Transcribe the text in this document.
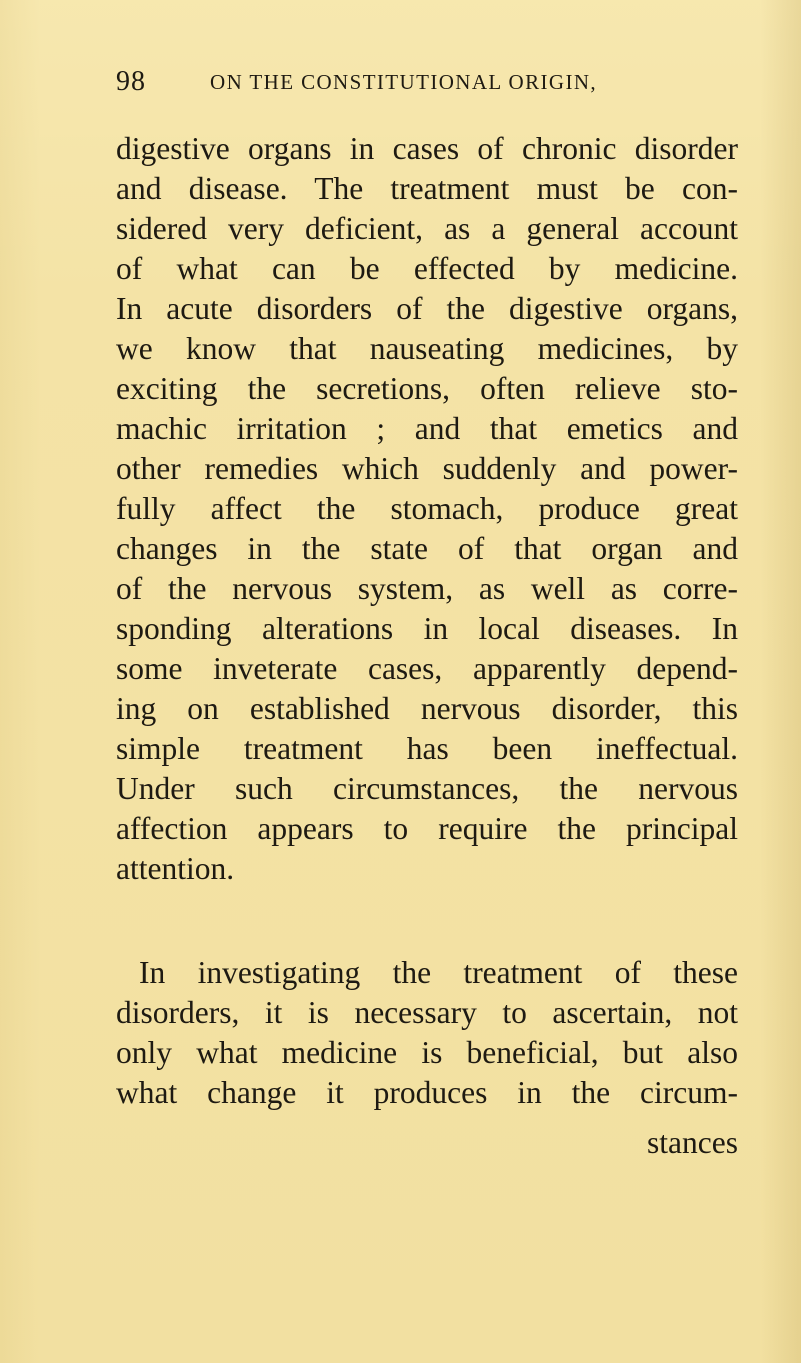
98	ON THE CONSTITUTIONAL ORIGIN,
digestive organs in cases of chronic disorder
and disease. The treatment must be con-
sidered very deficient, as a general account
of what can be effected by medicine.
In acute disorders of the digestive organs,
we know that nauseating medicines, by
exciting the secretions, often relieve sto-
machic irritation ; and that emetics and
other remedies which suddenly and power-
fully affect the stomach, produce great
changes in the state of that organ and
of the nervous system, as well as corre-
sponding alterations in local diseases. In
some inveterate cases, apparently depend-
ing on established nervous disorder, this
simple treatment has been ineffectual.
Under such circumstances, the nervous
affection appears to require the principal
attention.
In investigating the treatment of these
disorders, it is necessary to ascertain, not
only what medicine is beneficial, but also
what change it produces in the circum-
stances
